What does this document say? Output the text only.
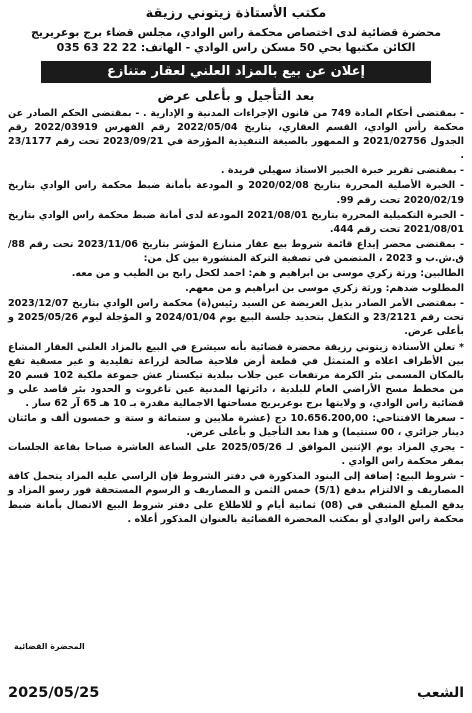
مكتب الأستاذة زيتوني رزيقة

محضرة قضائية لدى اختصاص محكمة راس الوادي، مجلس قضاء برج بوعريريج

الكائن مكتبها بحي 50 مسكن راس الوادي - الهاتف: 22 22 63 035

إعلان عن بيع بالمزاد العلني لعقار متنازع
بعد التأجيل و بأعلى عرض

- بمقتضى أحكام المادة 749 من قانون الإجراءات المدنية و الإدارية . - بمقتضى الحكم الصادر عن محكمة رأس الوادي، القسم العقاري، بتاريخ 2022/05/04 رقم الفهرس 2022/03919 رقم الجدول 2021/02756 و الممهور بالصيغة التنفيذية المؤرخة في 2023/09/21 تحت رقم 23/1177 .

- بمقتضى تقرير خبرة الخبير الاستاذ سهيلي فريدة .

- الخبرة الأصلية المحررة بتاريخ 2020/02/08 و المودعة بأمانة ضبط محكمة راس الوادي بتاريخ 2020/02/19 تحت رقم 99.

- الخبرة التكميلية المحررة بتاريخ 2021/08/01 المودعة لدى أمانة ضبط محكمة راس الوادي بتاريخ 2021/08/01 تحت رقم 444.

- بمقتضى محضر إيداع قائمة شروط بيع عقار متنازع المؤشر بتاريخ 2023/11/06 تحت رقم 88/ق.ش.ب و 2023 ، المتضمن في تصفية التركة المنشورة بين كل من:

الطالبين: ورثة زكري موسى بن ابراهيم و هم: احمد لكحل رابح بن الطيب و من معه.

المطلوب ضدهم: ورثة زكري موسى بن ابراهيم و من معهم.

- بمقتضى الأمر الصادر بذيل العريضة عن السيد رئيس(ة) محكمة راس الوادي بتاريخ 2023/12/07 تحت رقم 23/2121 و التكفل بتحديد جلسة البيع يوم 2024/01/04 و المؤجلة ليوم 2025/05/26 و بأعلى عرض.

* تعلن الأستاذة زيتوني رزيقة محضرة قضائية بأنه سيشرع في البيع بالمزاد العلني العقار المشاع بين الأطراف اعلاه و المتمثل في قطعة أرض فلاحية صالحة لزراعة تقليدية و غير مسقية تقع بالمكان المسمى بئر الكرمة مرتفعات عين جلاب ببلدية تيكستار عش جموعة ملكية 102 قسم 20 من مخطط مسح الأراضي العام للبلدية ، دائرتها المدنية عين تاغروت و الحدود بئر قاصد علي و قضائية راس الوادي، و ولايتها برج بوعريريج مساحتها الاجمالية مقدرة بـ 10 هـ 65 آر 62 سار .

- سعرها الافتتاحي: 10.656.200,00 دج (عشرة ملايين و ستمائة و ستة و خمسون ألف و مائتان دينار جزائري ، 00 سنتيما) و هذا بعد التأجيل و بأعلى عرض.

- يجري المزاد يوم الإثنين الموافق لـ 2025/05/26 على الساعة العاشرة صباحا بقاعة الجلسات بمقر محكمة راس الوادي .

- شروط البيع: إضافة إلى البنود المذكورة في دفتر الشروط فإن الراسي عليه المزاد يتحمل كافة المصاريف و الالتزام بدفع (5/1) خمس الثمن و المصاريف و الرسوم المستحقة فور رسو المزاد و يدفع المبلغ المتبقي في (08) ثمانية أيام و للاطلاع على دفتر شروط البيع الاتصال بأمانة ضبط محكمة راس الوادي أو بمكتب المحضرة القضائية بالعنوان المذكور أعلاه .

المحضرة القضائية
الشعب
2025/05/25
